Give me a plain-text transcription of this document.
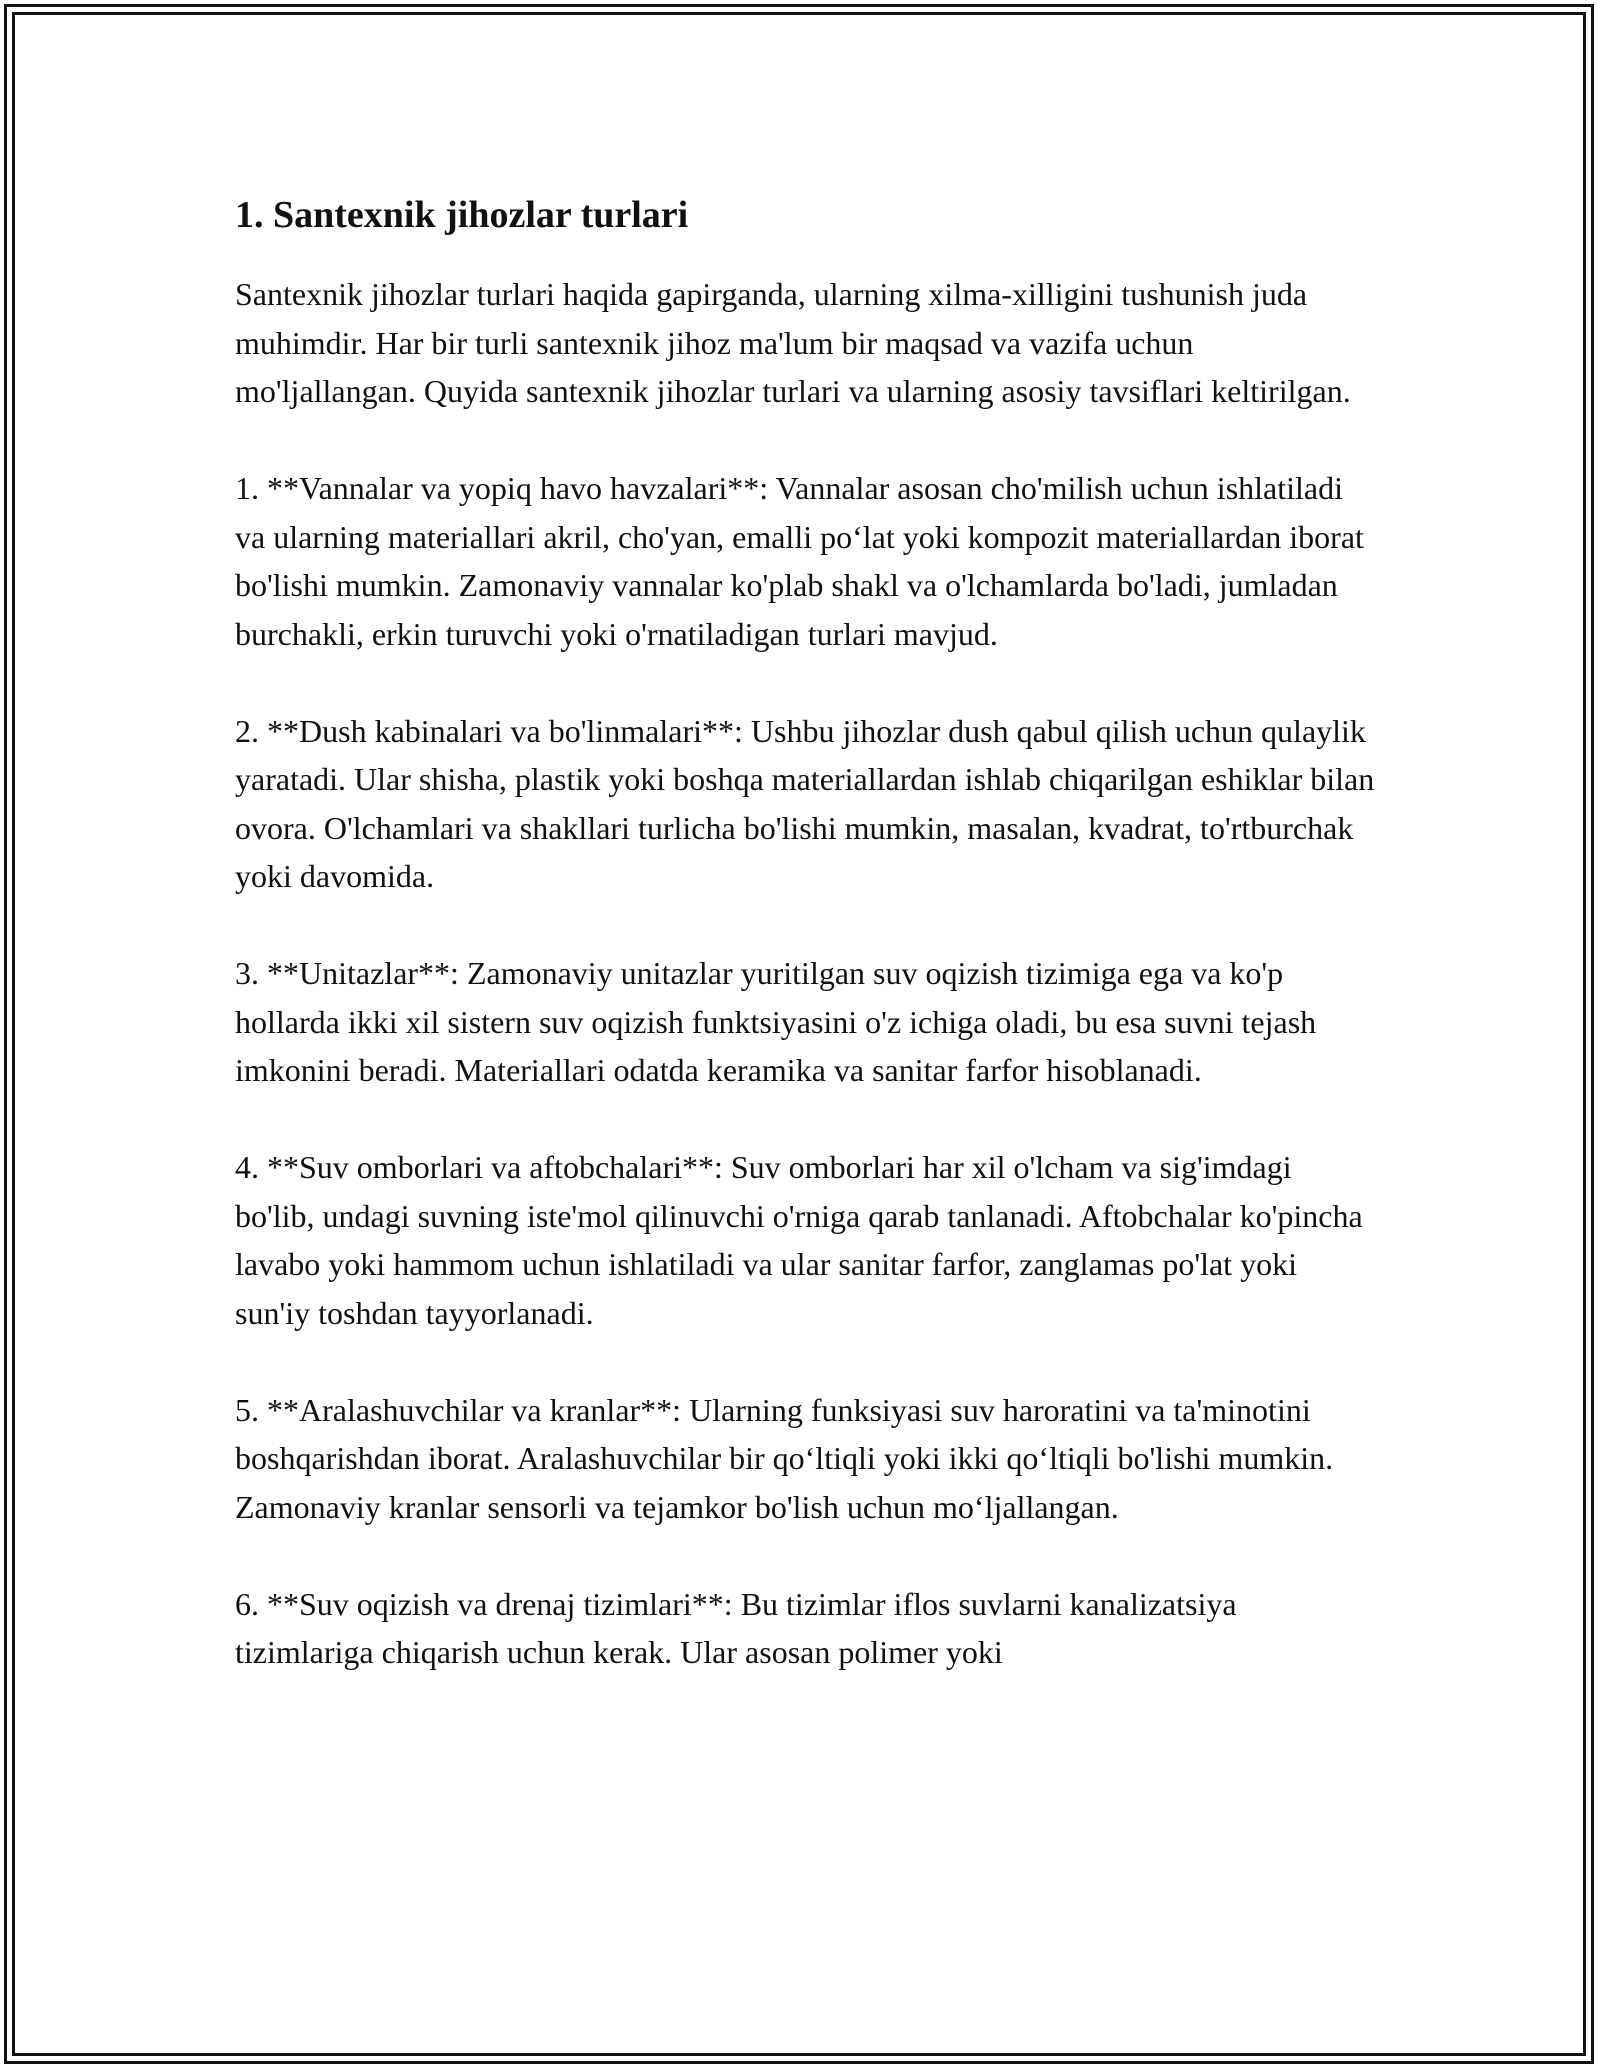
1. Santexnik jihozlar turlari

Santexnik jihozlar turlari haqida gapirganda, ularning xilma-xilligini tushunish juda muhimdir. Har bir turli santexnik jihoz ma'lum bir maqsad va vazifa uchun mo'ljallangan. Quyida santexnik jihozlar turlari va ularning asosiy tavsiflari keltirilgan.

1. **Vannalar va yopiq havo havzalari**: Vannalar asosan cho'milish uchun ishlatiladi va ularning materiallari akril, cho'yan, emalli po‘lat yoki kompozit materiallardan iborat bo'lishi mumkin. Zamonaviy vannalar ko'plab shakl va o'lchamlarda bo'ladi, jumladan burchakli, erkin turuvchi yoki o'rnatiladigan turlari mavjud.

2. **Dush kabinalari va bo'linmalari**: Ushbu jihozlar dush qabul qilish uchun qulaylik yaratadi. Ular shisha, plastik yoki boshqa materiallardan ishlab chiqarilgan eshiklar bilan ovora. O'lchamlari va shakllari turlicha bo'lishi mumkin, masalan, kvadrat, to'rtburchak yoki davomida.

3. **Unitazlar**: Zamonaviy unitazlar yuritilgan suv oqizish tizimiga ega va ko'p hollarda ikki xil sistern suv oqizish funktsiyasini o'z ichiga oladi, bu esa suvni tejash imkonini beradi. Materiallari odatda keramika va sanitar farfor hisoblanadi.

4. **Suv omborlari va aftobchalari**: Suv omborlari har xil o'lcham va sig'imdagi bo'lib, undagi suvning iste'mol qilinuvchi o'rniga qarab tanlanadi. Aftobchalar ko'pincha lavabo yoki hammom uchun ishlatiladi va ular sanitar farfor, zanglamas po'lat yoki sun'iy toshdan tayyorlanadi.

5. **Aralashuvchilar va kranlar**: Ularning funksiyasi suv haroratini va ta'minotini boshqarishdan iborat. Aralashuvchilar bir qo‘ltiqli yoki ikki qo‘ltiqli bo'lishi mumkin. Zamonaviy kranlar sensorli va tejamkor bo'lish uchun mo‘ljallangan.

6. **Suv oqizish va drenaj tizimlari**: Bu tizimlar iflos suvlarni kanalizatsiya tizimlariga chiqarish uchun kerak. Ular asosan polimer yoki
